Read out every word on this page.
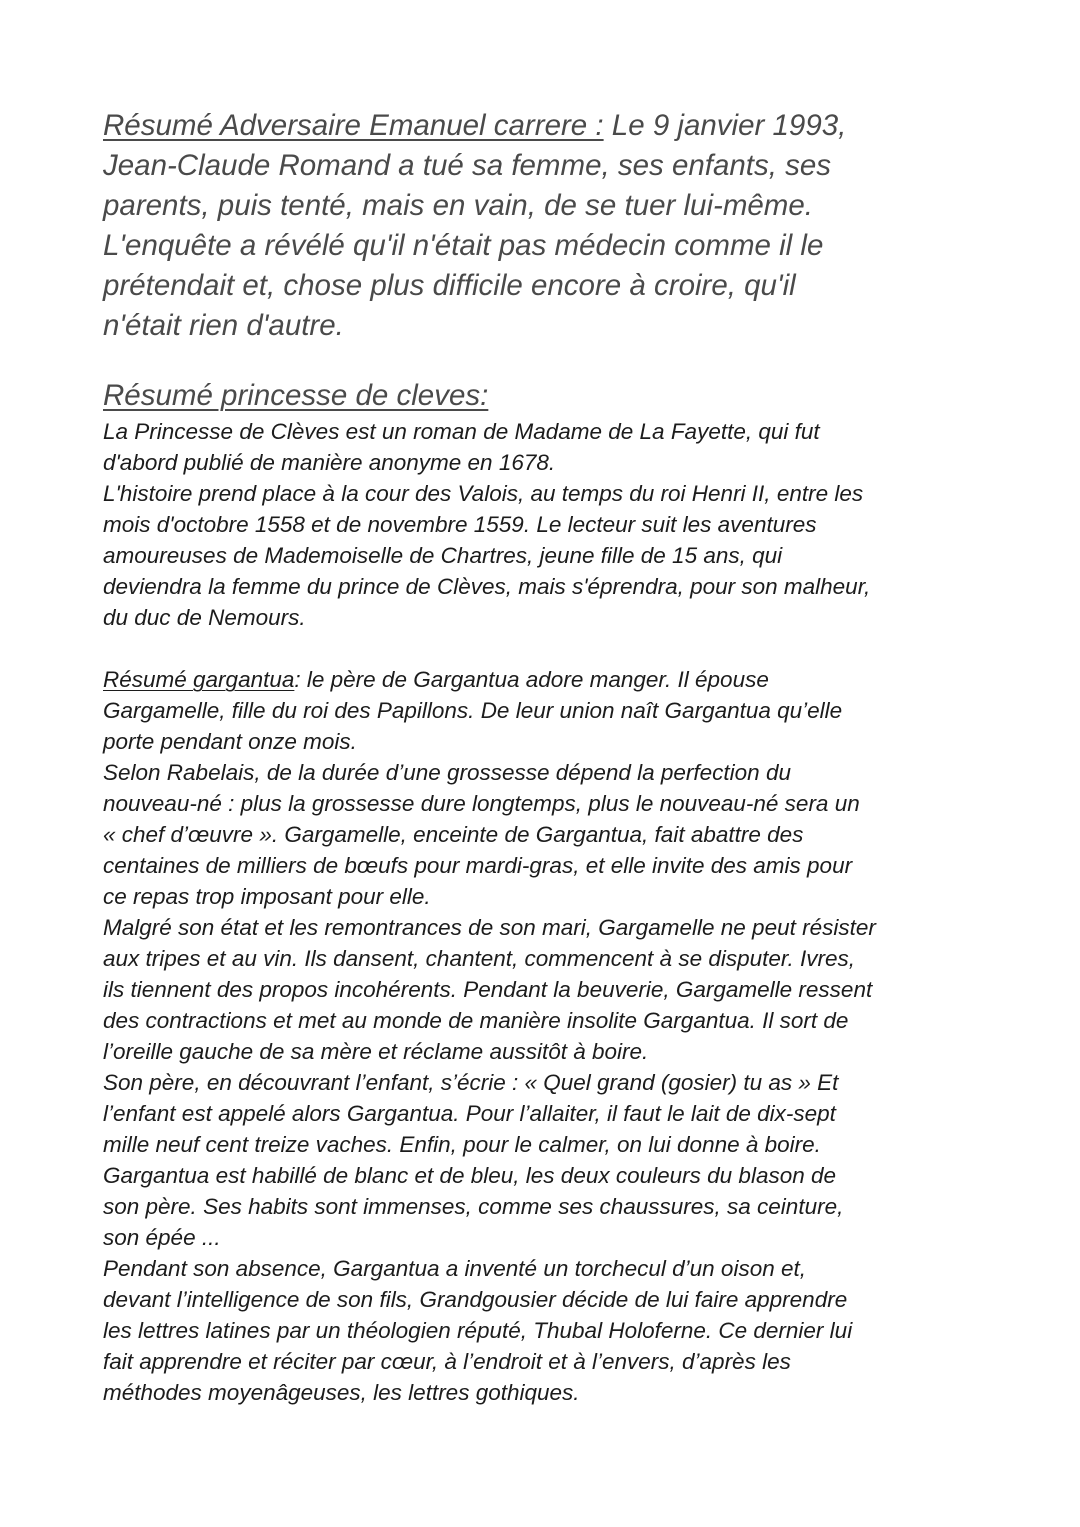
Résumé Adversaire Emanuel carrere : Le 9 janvier 1993,
Jean-Claude Romand a tué sa femme, ses enfants, ses
parents, puis tenté, mais en vain, de se tuer lui-même.
L'enquête a révélé qu'il n'était pas médecin comme il le
prétendait et, chose plus difficile encore à croire, qu'il
n'était rien d'autre.

Résumé princesse de cleves:

La Princesse de Clèves est un roman de Madame de La Fayette, qui fut
d'abord publié de manière anonyme en 1678.
L'histoire prend place à la cour des Valois, au temps du roi Henri II, entre les
mois d'octobre 1558 et de novembre 1559. Le lecteur suit les aventures
amoureuses de Mademoiselle de Chartres, jeune fille de 15 ans, qui
deviendra la femme du prince de Clèves, mais s'éprendra, pour son malheur,
du duc de Nemours.

Résumé gargantua: le père de Gargantua adore manger. Il épouse
Gargamelle, fille du roi des Papillons. De leur union naît Gargantua qu’elle
porte pendant onze mois.
Selon Rabelais, de la durée d’une grossesse dépend la perfection du
nouveau-né : plus la grossesse dure longtemps, plus le nouveau-né sera un
« chef d’œuvre ». Gargamelle, enceinte de Gargantua, fait abattre des
centaines de milliers de bœufs pour mardi-gras, et elle invite des amis pour
ce repas trop imposant pour elle.
Malgré son état et les remontrances de son mari, Gargamelle ne peut résister
aux tripes et au vin. Ils dansent, chantent, commencent à se disputer. Ivres,
ils tiennent des propos incohérents. Pendant la beuverie, Gargamelle ressent
des contractions et met au monde de manière insolite Gargantua. Il sort de
l’oreille gauche de sa mère et réclame aussitôt à boire.
Son père, en découvrant l’enfant, s’écrie : « Quel grand (gosier) tu as » Et
l’enfant est appelé alors Gargantua. Pour l’allaiter, il faut le lait de dix-sept
mille neuf cent treize vaches. Enfin, pour le calmer, on lui donne à boire.
Gargantua est habillé de blanc et de bleu, les deux couleurs du blason de
son père. Ses habits sont immenses, comme ses chaussures, sa ceinture,
son épée ...
Pendant son absence, Gargantua a inventé un torchecul d’un oison et,
devant l’intelligence de son fils, Grandgousier décide de lui faire apprendre
les lettres latines par un théologien réputé, Thubal Holoferne. Ce dernier lui
fait apprendre et réciter par cœur, à l’endroit et à l’envers, d’après les
méthodes moyenâgeuses, les lettres gothiques.
